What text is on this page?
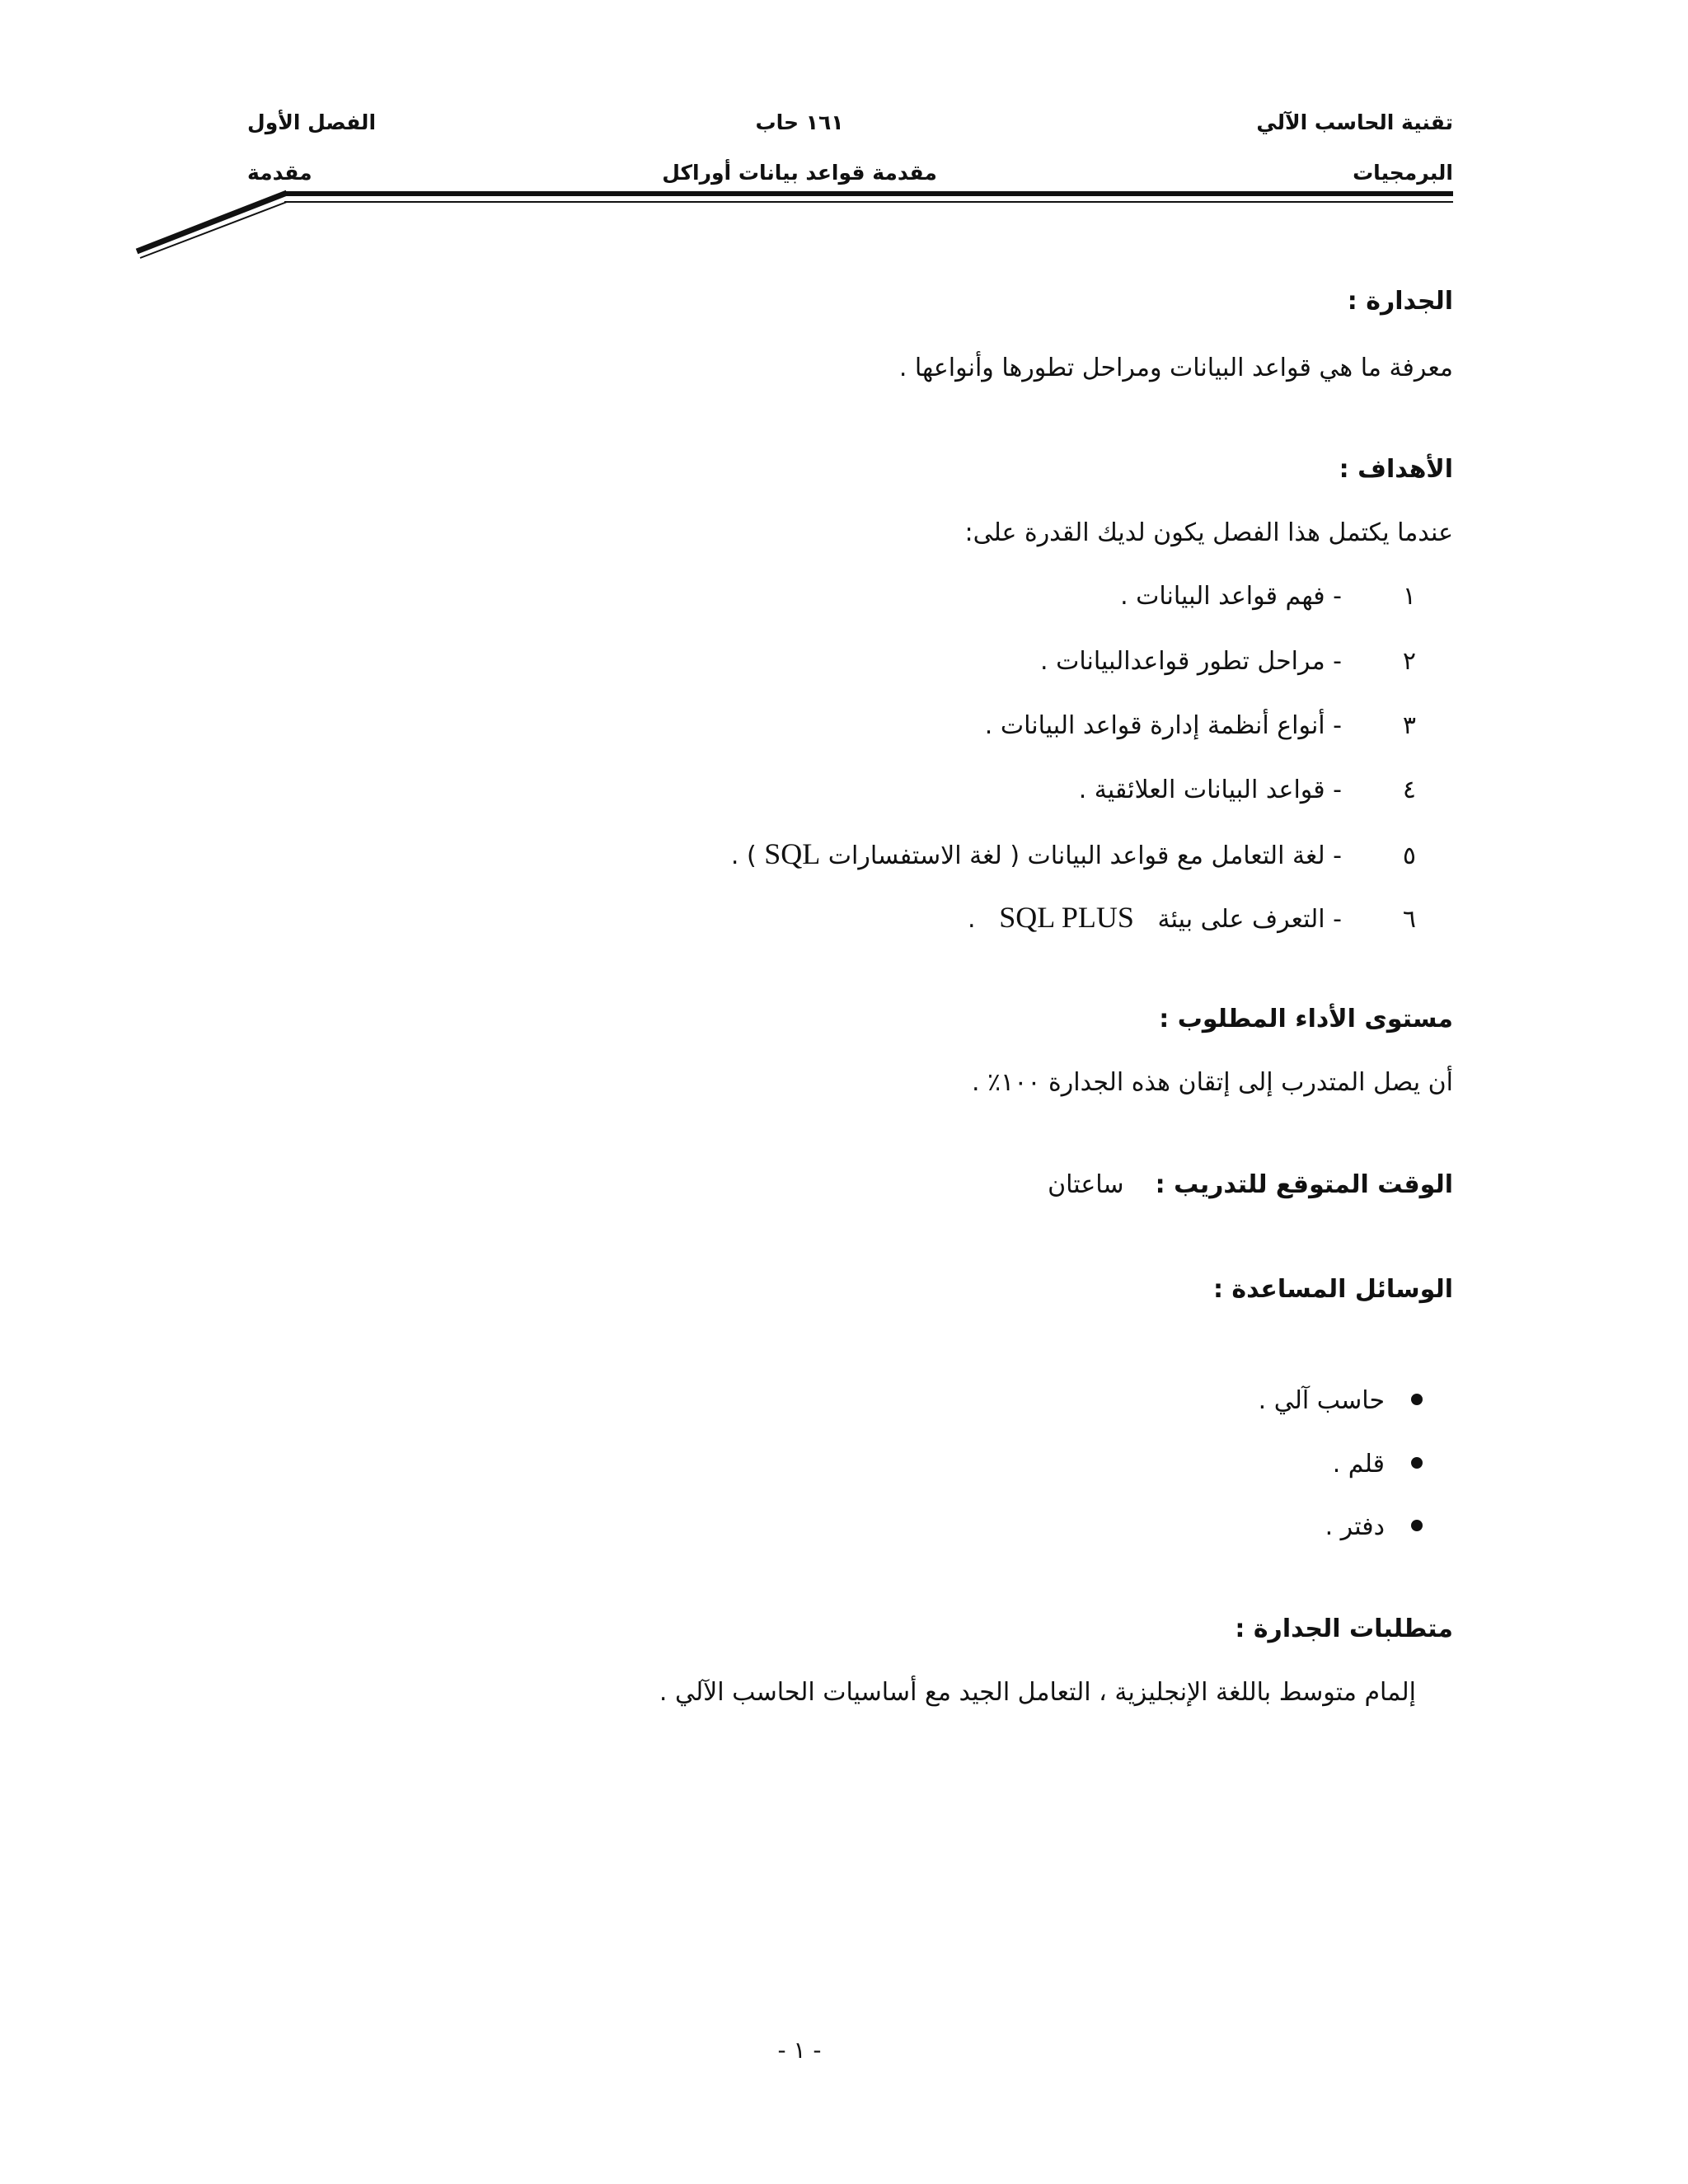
تقنية الحاسب الآلي
١٦١ حاب
الفصل الأول
البرمجيات
مقدمة قواعد بيانات أوراكل
مقدمة
الجدارة :
معرفة ما هي قواعد البيانات ومراحل تطورها وأنواعها .
الأهداف :
عندما يكتمل هذا الفصل يكون لديك القدرة على:
١- فهم قواعد البيانات .
٢- مراحل تطور قواعدالبيانات .
٣- أنواع أنظمة إدارة قواعد البيانات .
٤- قواعد البيانات العلائقية .
٥- لغة التعامل مع قواعد البيانات ( لغة الاستفسارات SQL ) .
٦- التعرف على بيئة   SQL PLUS   .
مستوى الأداء المطلوب :
أن يصل المتدرب إلى إتقان هذه الجدارة ١٠٠٪ .
الوقت المتوقع للتدريب :    ساعتان
الوسائل المساعدة :
حاسب آلي .
قلم .
دفتر .
متطلبات الجدارة :
إلمام متوسط باللغة الإنجليزية ، التعامل الجيد مع أساسيات الحاسب الآلي .
- ١ -
